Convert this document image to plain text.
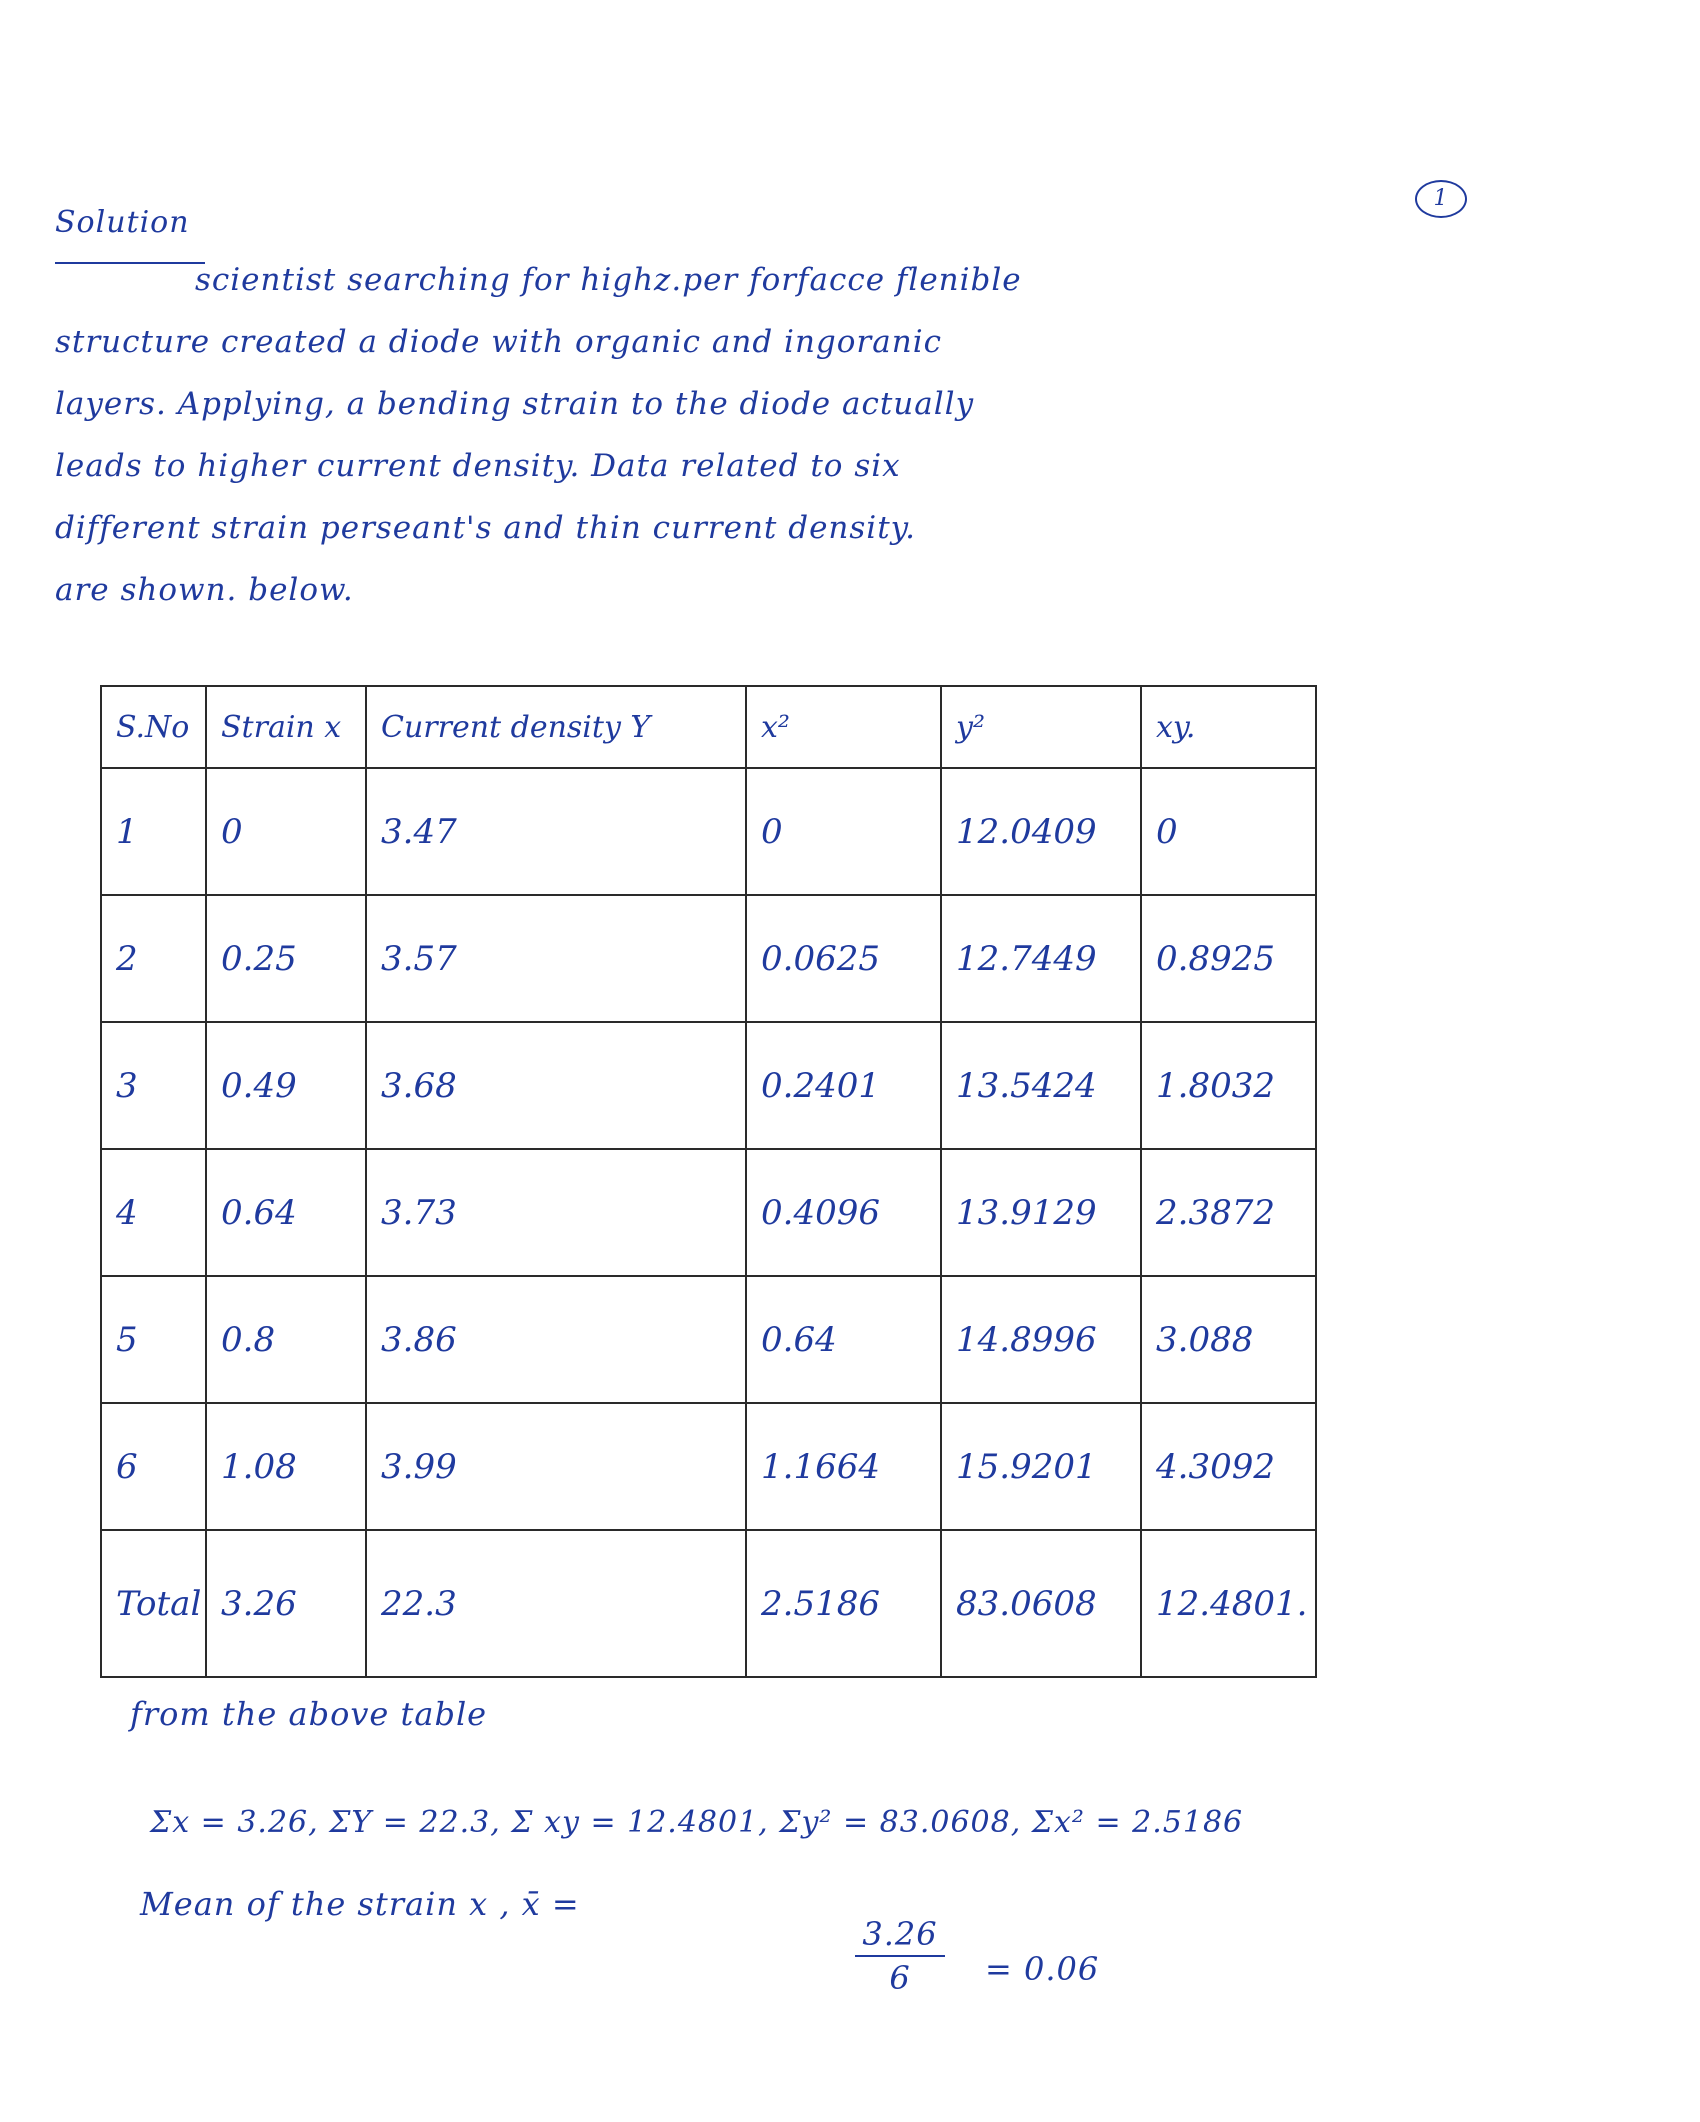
1
Solution
scientist searching for highz.per forfacce flenible
structure created a diode with organic and ingoranic
layers. Applying, a bending strain to the diode actually
leads to higher current density. Data related to six
different strain perseant's and thin current density.
are shown. below.
S.No	Strain x	Current density Y	x²	y²	xy.
1	0	3.47	0	12.0409	0
2	0.25	3.57	0.0625	12.7449	0.8925
3	0.49	3.68	0.2401	13.5424	1.8032
4	0.64	3.73	0.4096	13.9129	2.3872
5	0.8	3.86	0.64	14.8996	3.088
6	1.08	3.99	1.1664	15.9201	4.3092
Total	3.26	22.3	2.5186	83.0608	12.4801.
from the above table
Σx = 3.26, ΣY = 22.3, Σ xy = 12.4801, Σy² = 83.0608, Σx² = 2.5186
Mean of the strain x , x̄ =
3.26
6	= 0.06
